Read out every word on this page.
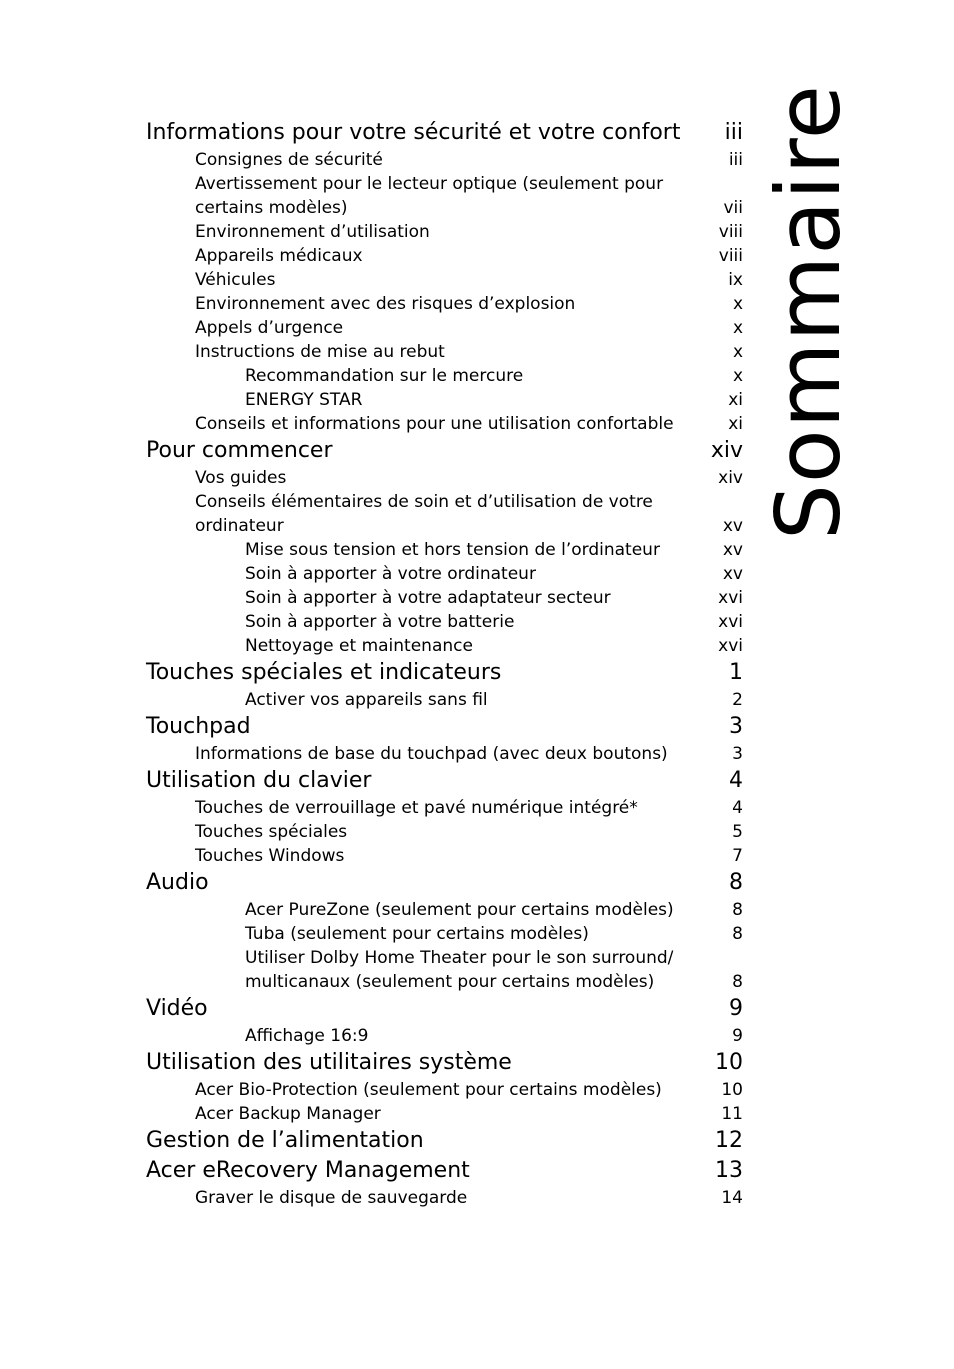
Sommaire
Informations pour votre sécurité et votre confort	iii
Consignes de sécurité	iii
Avertissement pour le lecteur optique (seulement pour certains modèles)	vii
Environnement d’utilisation	viii
Appareils médicaux	viii
Véhicules	ix
Environnement avec des risques d’explosion	x
Appels d’urgence	x
Instructions de mise au rebut	x
Recommandation sur le mercure	x
ENERGY STAR	xi
Conseils et informations pour une utilisation confortable	xi
Pour commencer	xiv
Vos guides	xiv
Conseils élémentaires de soin et d’utilisation de votre ordinateur	xv
Mise sous tension et hors tension de l’ordinateur	xv
Soin à apporter à votre ordinateur	xv
Soin à apporter à votre adaptateur secteur	xvi
Soin à apporter à votre batterie	xvi
Nettoyage et maintenance	xvi
Touches spéciales et indicateurs	1
Activer vos appareils sans fil	2
Touchpad	3
Informations de base du touchpad (avec deux boutons)	3
Utilisation du clavier	4
Touches de verrouillage et pavé numérique intégré*	4
Touches spéciales	5
Touches Windows	7
Audio	8
Acer PureZone (seulement pour certains modèles)	8
Tuba (seulement pour certains modèles)	8
Utiliser Dolby Home Theater pour le son surround/ multicanaux (seulement pour certains modèles)	8
Vidéo	9
Affichage 16:9	9
Utilisation des utilitaires système	10
Acer Bio-Protection (seulement pour certains modèles)	10
Acer Backup Manager	11
Gestion de l’alimentation	12
Acer eRecovery Management	13
Graver le disque de sauvegarde	14
